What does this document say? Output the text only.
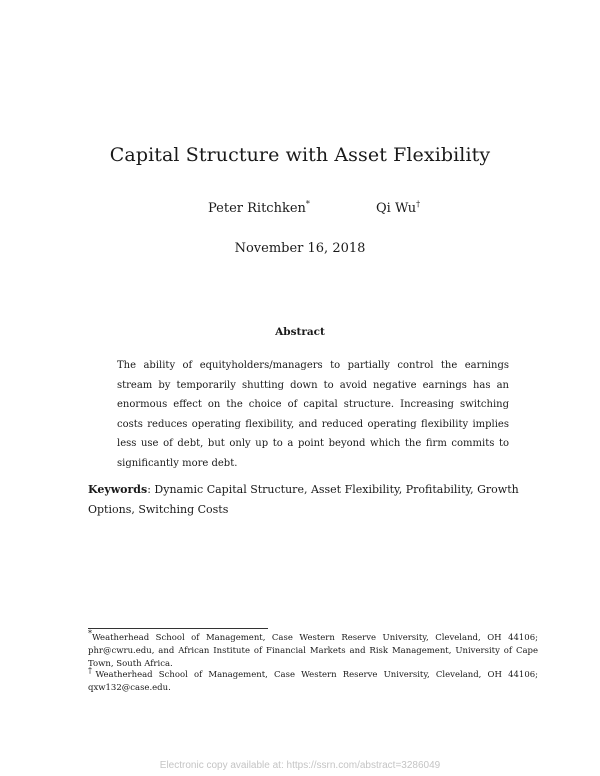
Capital Structure with Asset Flexibility
Peter Ritchken*	Qi Wu†
November 16, 2018
Abstract
The ability of equityholders/managers to partially control the earnings stream by temporarily shutting down to avoid negative earnings has an enormous effect on the choice of capital structure. Increasing switching costs reduces operating flexibility, and reduced operating flexibility implies less use of debt, but only up to a point beyond which the firm commits to significantly more debt.
Keywords: Dynamic Capital Structure, Asset Flexibility, Profitability, Growth Options, Switching Costs
*Weatherhead School of Management, Case Western Reserve University, Cleveland, OH 44106; phr@cwru.edu, and African Institute of Financial Markets and Risk Management, University of Cape Town, South Africa.
†Weatherhead School of Management, Case Western Reserve University, Cleveland, OH 44106; qxw132@case.edu.
Electronic copy available at: https://ssrn.com/abstract=3286049
